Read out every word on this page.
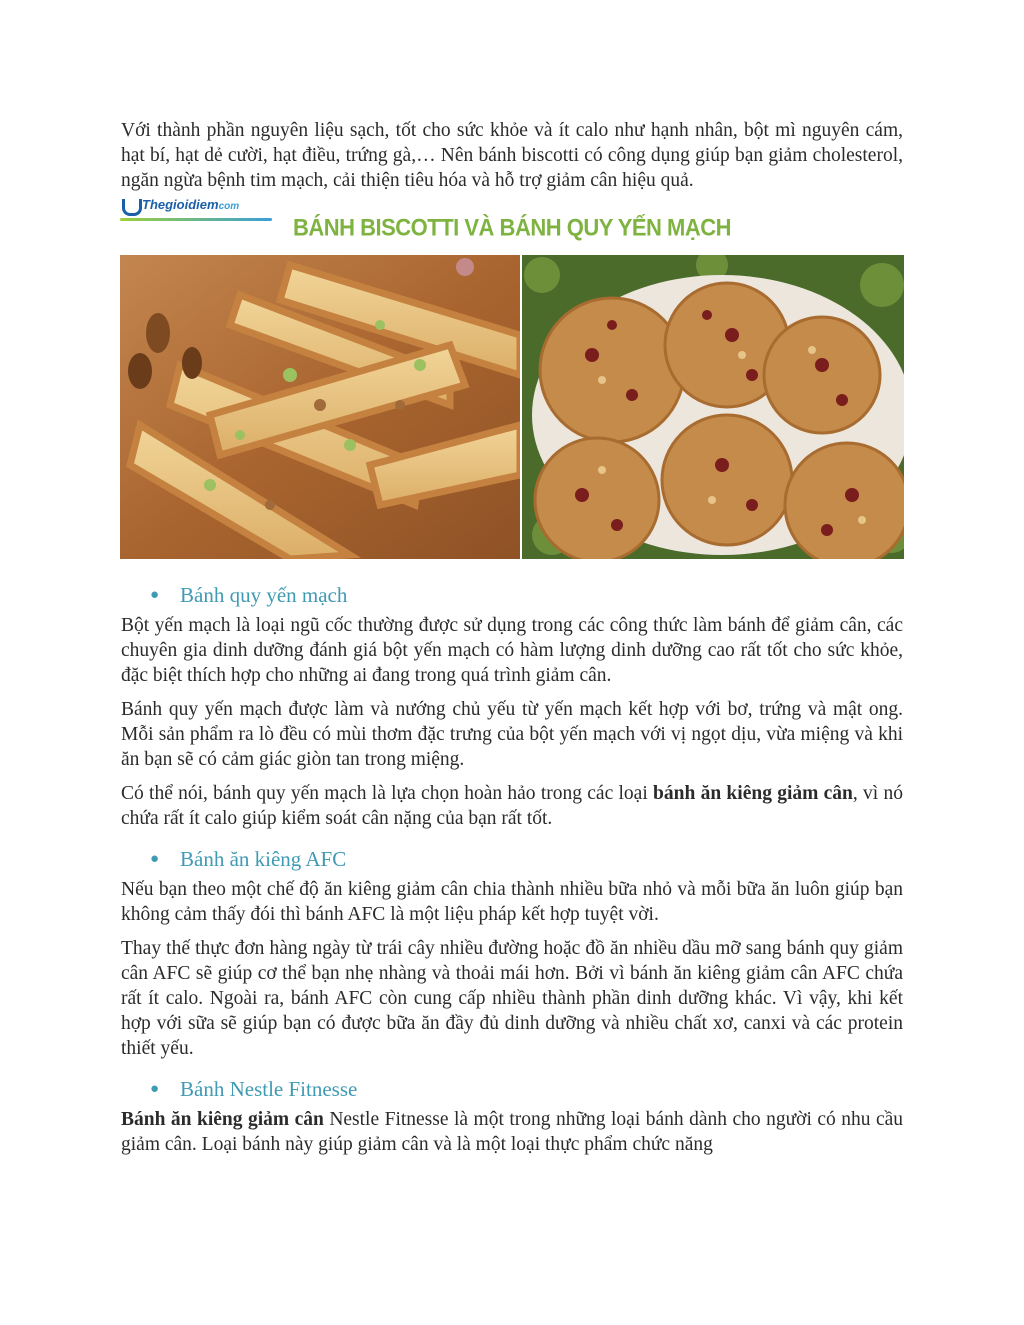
Với thành phần nguyên liệu sạch, tốt cho sức khỏe và ít calo như hạnh nhân, bột mì nguyên cám, hạt bí, hạt dẻ cười, hạt điều, trứng gà,… Nên bánh biscotti có công dụng giúp bạn giảm cholesterol, ngăn ngừa bệnh tim mạch, cải thiện tiêu hóa và hỗ trợ giảm cân hiệu quả.

Thegioidiemcom
BÁNH BISCOTTI VÀ BÁNH QUY YẾN MẠCH
● Bánh quy yến mạch

Bột yến mạch là loại ngũ cốc thường được sử dụng trong các công thức làm bánh để giảm cân, các chuyên gia dinh dưỡng đánh giá bột yến mạch có hàm lượng dinh dưỡng cao rất tốt cho sức khỏe, đặc biệt thích hợp cho những ai đang trong quá trình giảm cân.

Bánh quy yến mạch được làm và nướng chủ yếu từ yến mạch kết hợp với bơ, trứng và mật ong. Mỗi sản phẩm ra lò đều có mùi thơm đặc trưng của bột yến mạch với vị ngọt dịu, vừa miệng và khi ăn bạn sẽ có cảm giác giòn tan trong miệng.

Có thể nói, bánh quy yến mạch là lựa chọn hoàn hảo trong các loại bánh ăn kiêng giảm cân, vì nó chứa rất ít calo giúp kiểm soát cân nặng của bạn rất tốt.

● Bánh ăn kiêng AFC

Nếu bạn theo một chế độ ăn kiêng giảm cân chia thành nhiều bữa nhỏ và mỗi bữa ăn luôn giúp bạn không cảm thấy đói thì bánh AFC là một liệu pháp kết hợp tuyệt vời.

Thay thế thực đơn hàng ngày từ trái cây nhiều đường hoặc đồ ăn nhiều dầu mỡ sang bánh quy giảm cân AFC sẽ giúp cơ thể bạn nhẹ nhàng và thoải mái hơn. Bởi vì bánh ăn kiêng giảm cân AFC chứa rất ít calo. Ngoài ra, bánh AFC còn cung cấp nhiều thành phần dinh dưỡng khác. Vì vậy, khi kết hợp với sữa sẽ giúp bạn có được bữa ăn đầy đủ dinh dưỡng và nhiều chất xơ, canxi và các protein thiết yếu.

● Bánh Nestle Fitnesse

Bánh ăn kiêng giảm cân Nestle Fitnesse là một trong những loại bánh dành cho người có nhu cầu giảm cân. Loại bánh này giúp giảm cân và là một loại thực phẩm chức năng
